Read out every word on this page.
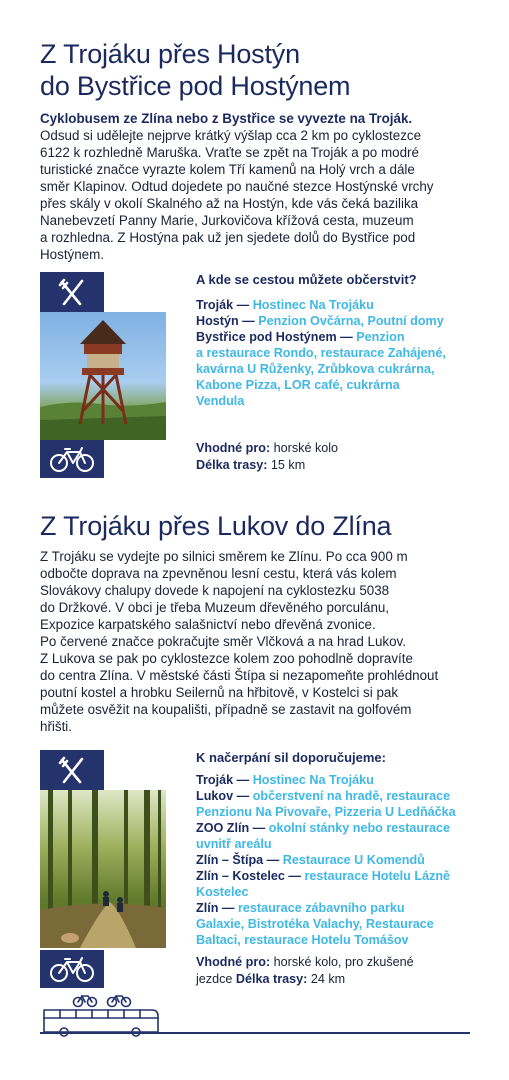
Z Trojáku přes Hostýn
do Bystřice pod Hostýnem
Cyklobusem ze Zlína nebo z Bystřice se vyvezte na Troják.
Odsud si udělejte nejprve krátký výšlap cca 2 km po cyklostezce
6122 k rozhledně Maruška. Vraťte se zpět na Troják a po modré
turistické značce vyrazte kolem Tří kamenů na Holý vrch a dále
směr Klapinov. Odtud dojedete po naučné stezce Hostýnské vrchy
přes skály v okolí Skalného až na Hostýn, kde vás čeká bazilika
Nanebevzetí Panny Marie, Jurkovičova křížová cesta, muzeum
a rozhledna. Z Hostýna pak už jen sjedete dolů do Bystřice pod
Hostýnem.
A kde se cestou můžete občerstvit?
Troják — Hostinec Na Trojáku
Hostýn — Penzion Ovčárna, Poutní domy
Bystřice pod Hostýnem — Penzion
a restaurace Rondo, restaurace Zahájené,
kavárna U Růženky, Zrůbkova cukrárna,
Kabone Pizza, LOR café, cukrárna
Vendula
Vhodné pro: horské kolo
Délka trasy: 15 km
Z Trojáku přes Lukov do Zlína
Z Trojáku se vydejte po silnici směrem ke Zlínu. Po cca 900 m
odbočte doprava na zpevněnou lesní cestu, která vás kolem
Slovákovy chalupy dovede k napojení na cyklostezku 5038
do Držkové. V obci je třeba Muzeum dřevěného porculánu,
Expozice karpatského salašnictví nebo dřevěná zvonice.
Po červené značce pokračujte směr Vlčková a na hrad Lukov.
Z Lukova se pak po cyklostezce kolem zoo pohodlně dopravíte
do centra Zlína. V městské části Štípa si nezapomeňte prohlédnout
poutní kostel a hrobku Seilernů na hřbitově, v Kostelci si pak
můžete osvěžit na koupališti, případně se zastavit na golfovém
hřišti.
K načerpání sil doporučujeme:
Troják — Hostinec Na Trojáku
Lukov — občerstvení na hradě, restaurace
Penzionu Na Pivovaře, Pizzeria U Ledňáčka
ZOO Zlín — okolní stánky nebo restaurace
uvnitř areálu
Zlín – Štípa — Restaurace U Komendů
Zlín – Kostelec — restaurace Hotelu Lázně
Kostelec
Zlín — restaurace zábavního parku
Galaxie, Bistrotéka Valachy, Restaurace
Baltaci, restaurace Hotelu Tomášov
Vhodné pro: horské kolo, pro zkušené
jezdce Délka trasy: 24 km
